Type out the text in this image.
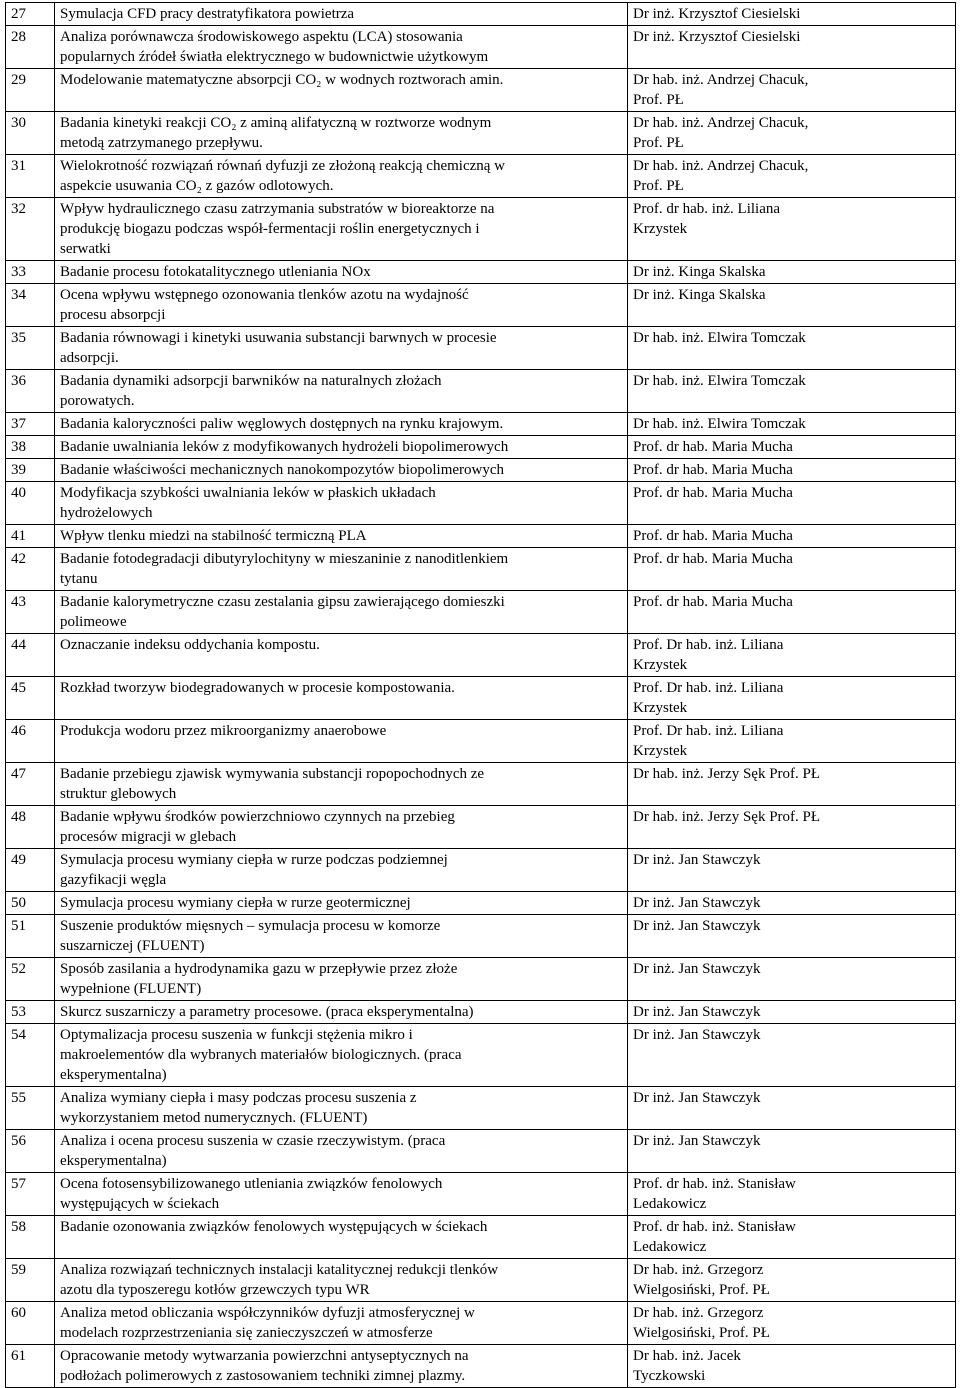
27	Symulacja CFD pracy destratyfikatora powietrza	Dr inż. Krzysztof Ciesielski
28	Analiza porównawcza środowiskowego aspektu (LCA) stosowania
popularnych źródeł światła elektrycznego w budownictwie użytkowym	Dr inż. Krzysztof Ciesielski
29	Modelowanie matematyczne absorpcji CO₂ w wodnych roztworach amin.	Dr hab. inż. Andrzej Chacuk,
Prof. PŁ
30	Badania kinetyki reakcji CO₂ z aminą alifatyczną w roztworze wodnym
metodą zatrzymanego przepływu.	Dr hab. inż. Andrzej Chacuk,
Prof. PŁ
31	Wielokrotność rozwiązań równań dyfuzji ze złożoną reakcją chemiczną w
aspekcie usuwania CO₂ z gazów odlotowych.	Dr hab. inż. Andrzej Chacuk,
Prof. PŁ
32	Wpływ hydraulicznego czasu zatrzymania substratów w bioreaktorze na
produkcję biogazu podczas współ-fermentacji roślin energetycznych i
serwatki	Prof. dr hab. inż. Liliana
Krzystek
33	Badanie procesu fotokatalitycznego utleniania NOx	Dr inż. Kinga Skalska
34	Ocena wpływu wstępnego ozonowania tlenków azotu na wydajność
procesu absorpcji	Dr inż. Kinga Skalska
35	Badania równowagi i kinetyki usuwania substancji barwnych w procesie
adsorpcji.	Dr hab. inż. Elwira Tomczak
36	Badania dynamiki adsorpcji barwników na naturalnych złożach
porowatych.	Dr hab. inż. Elwira Tomczak
37	Badania kaloryczności paliw węglowych dostępnych na rynku krajowym.	Dr hab. inż. Elwira Tomczak
38	Badanie uwalniania leków z modyfikowanych hydrożeli biopolimerowych	Prof. dr hab. Maria Mucha
39	Badanie właściwości mechanicznych nanokompozytów biopolimerowych	Prof. dr hab. Maria Mucha
40	Modyfikacja szybkości uwalniania leków w płaskich układach
hydrożelowych	Prof. dr hab. Maria Mucha
41	Wpływ tlenku miedzi na stabilność termiczną PLA	Prof. dr hab. Maria Mucha
42	Badanie fotodegradacji dibutyrylochityny w mieszaninie z nanoditlenkiem
tytanu	Prof. dr hab. Maria Mucha
43	Badanie kalorymetryczne czasu zestalania gipsu zawierającego domieszki
polimeowe	Prof. dr hab. Maria Mucha
44	Oznaczanie indeksu oddychania kompostu.	Prof. Dr hab. inż. Liliana
Krzystek
45	Rozkład tworzyw biodegradowanych w procesie kompostowania.	Prof. Dr hab. inż. Liliana
Krzystek
46	Produkcja wodoru przez mikroorganizmy anaerobowe	Prof. Dr hab. inż. Liliana
Krzystek
47	Badanie przebiegu zjawisk wymywania substancji ropopochodnych ze
struktur glebowych	Dr hab. inż. Jerzy Sęk Prof. PŁ
48	Badanie wpływu środków powierzchniowo czynnych na przebieg
procesów migracji w glebach	Dr hab. inż. Jerzy Sęk Prof. PŁ
49	Symulacja procesu wymiany ciepła w rurze podczas podziemnej
gazyfikacji węgla	Dr inż. Jan Stawczyk
50	Symulacja procesu wymiany ciepła w rurze geotermicznej	Dr inż. Jan Stawczyk
51	Suszenie produktów mięsnych – symulacja procesu w komorze
suszarniczej (FLUENT)	Dr inż. Jan Stawczyk
52	Sposób zasilania a hydrodynamika gazu w przepływie przez złoże
wypełnione (FLUENT)	Dr inż. Jan Stawczyk
53	Skurcz suszarniczy a parametry procesowe. (praca eksperymentalna)	Dr inż. Jan Stawczyk
54	Optymalizacja procesu suszenia w funkcji stężenia mikro i
makroelementów dla wybranych materiałów biologicznych. (praca
eksperymentalna)	Dr inż. Jan Stawczyk
55	Analiza wymiany ciepła i masy podczas procesu suszenia z
wykorzystaniem metod numerycznych. (FLUENT)	Dr inż. Jan Stawczyk
56	Analiza i ocena procesu suszenia w czasie rzeczywistym. (praca
eksperymentalna)	Dr inż. Jan Stawczyk
57	Ocena fotosensybilizowanego utleniania związków fenolowych
występujących w ściekach	Prof. dr hab. inż. Stanisław
Ledakowicz
58	Badanie ozonowania związków fenolowych występujących w ściekach	Prof. dr hab. inż. Stanisław
Ledakowicz
59	Analiza rozwiązań technicznych instalacji katalitycznej redukcji tlenków
azotu dla typoszeregu kotłów grzewczych typu WR	Dr hab. inż. Grzegorz
Wielgosiński, Prof. PŁ
60	Analiza metod obliczania współczynników dyfuzji atmosferycznej w
modelach rozprzestrzeniania się zanieczyszczeń w atmosferze	Dr hab. inż. Grzegorz
Wielgosiński, Prof. PŁ
61	Opracowanie metody wytwarzania powierzchni antyseptycznych na
podłożach polimerowych z zastosowaniem techniki zimnej plazmy.	Dr hab. inż. Jacek
Tyczkowski
